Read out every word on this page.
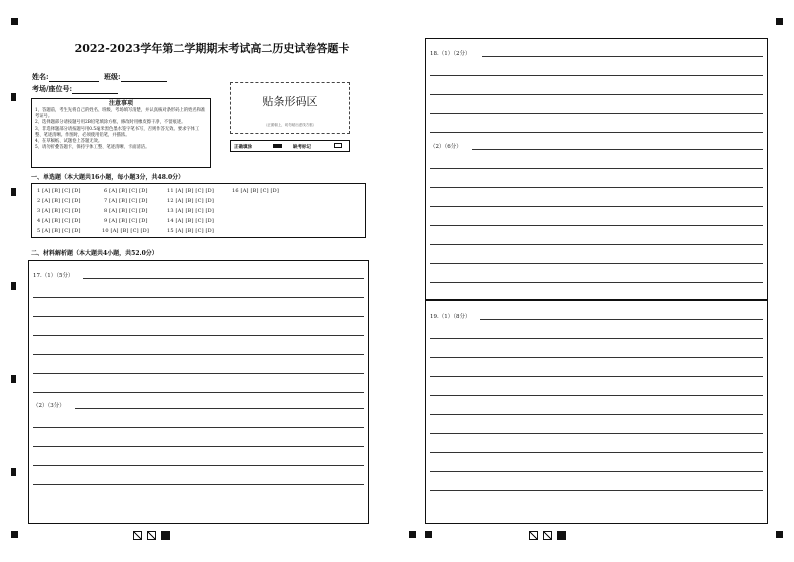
2022-2023学年第二学期期末考试高二历史试卷答题卡
姓名:	班级:
考场/座位号:
注意事项
1、答题前，考生先将自己的姓名、班级、考场填写清楚，并认真核对条形码上的姓名和准考证号。
2、选择题部分请按题号用2B铅笔填涂方框，修改时用橡皮擦干净，不留痕迹。
3、非选择题部分请按题号用0.5毫米黑色墨水签字笔书写，否则作答无效。要求字体工整、笔迹清晰。作图时，必须使用铅笔，并描浓。
4、在草稿纸、试题卷上答题无效。
5、请勿折叠答题卡，保持字体工整、笔迹清晰、卡面清洁。
贴条形码区
（正面朝上，切勿贴出虚线方框）
正确填涂	缺考标记
一、单选题（本大题共16小题，每小题3分，共48.0分）
1 [A] [B] [C] [D]
2 [A] [B] [C] [D]
3 [A] [B] [C] [D]
4 [A] [B] [C] [D]
5 [A] [B] [C] [D]
6 [A] [B] [C] [D]
7 [A] [B] [C] [D]
8 [A] [B] [C] [D]
9 [A] [B] [C] [D]
10 [A] [B] [C] [D]
11 [A] [B] [C] [D]
12 [A] [B] [C] [D]
13 [A] [B] [C] [D]
14 [A] [B] [C] [D]
15 [A] [B] [C] [D]
16 [A] [B] [C] [D]
二、材料解析题（本大题共4小题，共52.0分）
17.（1）（5分）
（2）（3分）
18.（1）（2分）
（2）（6分）
19.（1）（8分）
